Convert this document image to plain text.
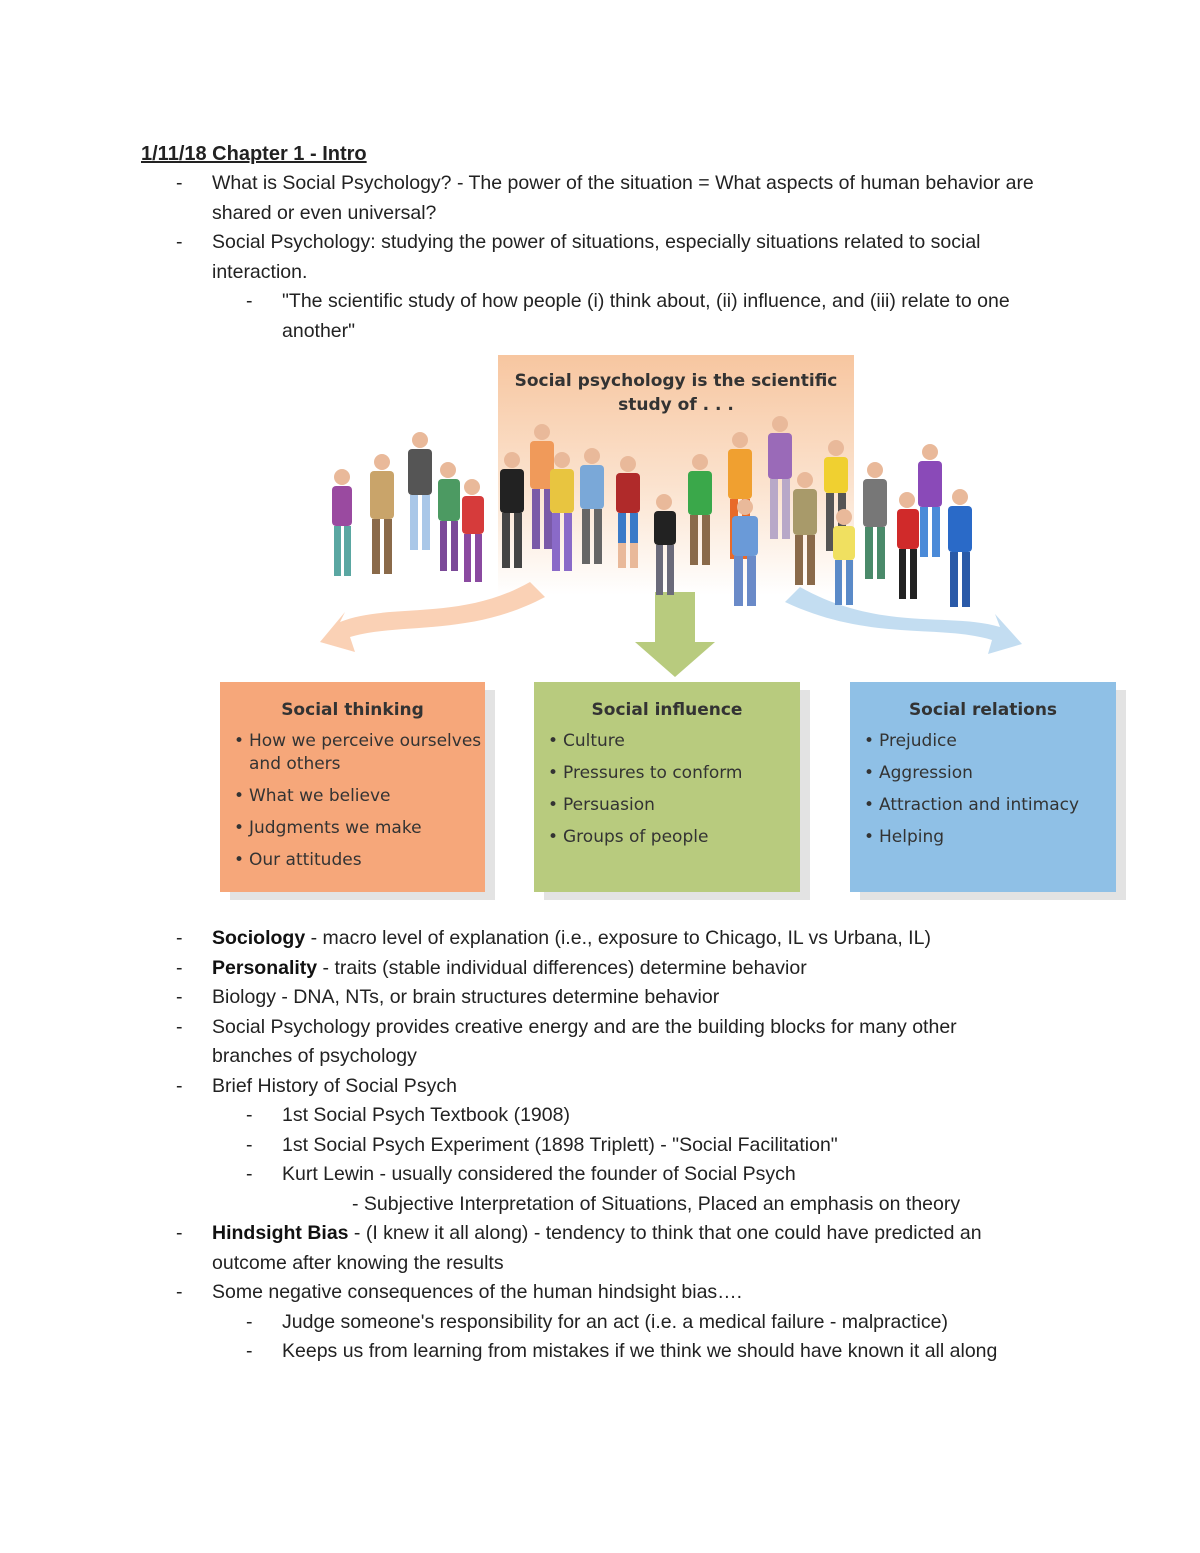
1/11/18 Chapter 1 - Intro
-	What is Social Psychology? - The power of the situation = What aspects of human behavior are shared or even universal?
-	Social Psychology: studying the power of situations, especially situations related to social interaction.
-	"The scientific study of how people (i) think about, (ii) influence, and (iii) relate to one another"
Social psychology is the scientific study of . . .
Social thinking
• How we perceive ourselves and others
• What we believe
• Judgments we make
• Our attitudes
Social influence
• Culture
• Pressures to conform
• Persuasion
• Groups of people
Social relations
• Prejudice
• Aggression
• Attraction and intimacy
• Helping
-	Sociology - macro level of explanation (i.e., exposure to Chicago, IL vs Urbana, IL)
-	Personality - traits (stable individual differences) determine behavior
-	Biology - DNA, NTs, or brain structures determine behavior
-	Social Psychology provides creative energy and are the building blocks for many other branches of psychology
-	Brief History of Social Psych
-	1st Social Psych Textbook (1908)
-	1st Social Psych Experiment (1898 Triplett) - "Social Facilitation"
-	Kurt Lewin - usually considered the founder of Social Psych
- Subjective Interpretation of Situations, Placed an emphasis on theory
-	Hindsight Bias - (I knew it all along) - tendency to think that one could have predicted an outcome after knowing the results
-	Some negative consequences of the human hindsight bias….
-	Judge someone's responsibility for an act (i.e. a medical failure - malpractice)
-	Keeps us from learning from mistakes if we think we should have known it all along
